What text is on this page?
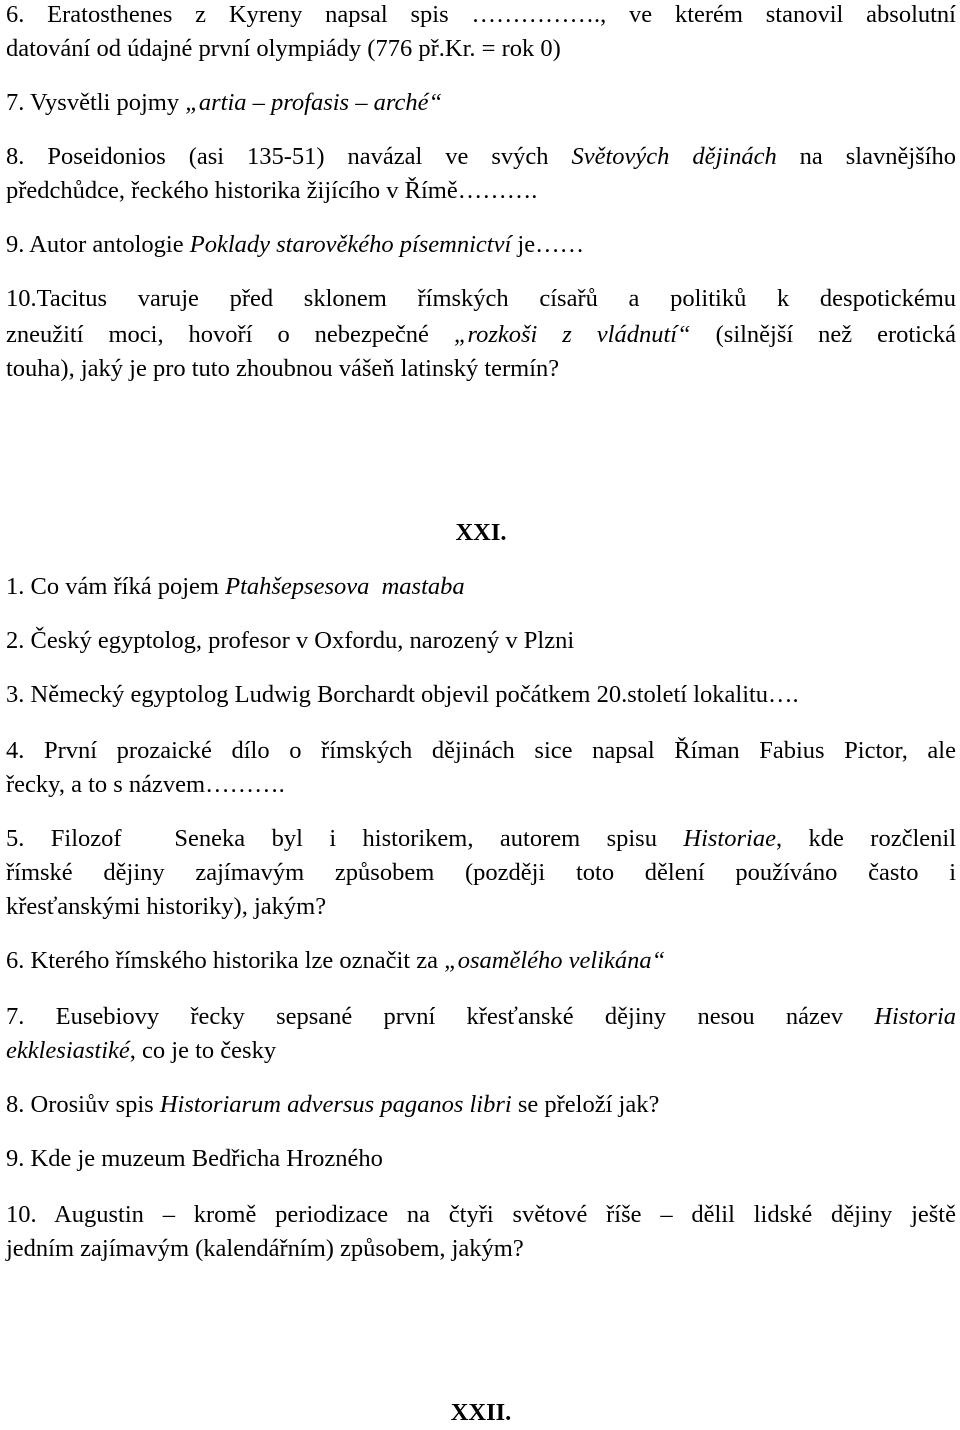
6. Eratosthenes z Kyreny napsal spis ……………., ve kterém stanovil absolutní
datování od údajné první olympiády (776 př.Kr. = rok 0)
7. Vysvětli pojmy „artia – profasis – arché“
8. Poseidonios (asi 135-51) navázal ve svých Světových dějinách na slavnějšího
předchůdce, řeckého historika žijícího v Římě……….
9. Autor antologie Poklady starověkého písemnictví je……
10.Tacitus varuje před sklonem římských císařů a politiků k despotickému
zneužití moci, hovoří o nebezpečné „rozkoši z vládnutí“ (silnější než erotická
touha), jaký je pro tuto zhoubnou vášeň latinský termín?
XXI.
1. Co vám říká pojem Ptahšepsesova  mastaba
2. Český egyptolog, profesor v Oxfordu, narozený v Plzni
3. Německý egyptolog Ludwig Borchardt objevil počátkem 20.století lokalitu….
4. První prozaické dílo o římských dějinách sice napsal Říman Fabius Pictor, ale
řecky, a to s názvem……….
5. Filozof  Seneka byl i historikem, autorem spisu Historiae, kde rozčlenil
římské dějiny zajímavým způsobem (později toto dělení používáno často i
křesťanskými historiky), jakým?
6. Kterého římského historika lze označit za „osamělého velikána“
7. Eusebiovy řecky sepsané první křesťanské dějiny nesou název Historia
ekklesiastiké, co je to česky
8. Orosiův spis Historiarum adversus paganos libri se přeloží jak?
9. Kde je muzeum Bedřicha Hrozného
10. Augustin – kromě periodizace na čtyři světové říše – dělil lidské dějiny ještě
jedním zajímavým (kalendářním) způsobem, jakým?
XXII.
